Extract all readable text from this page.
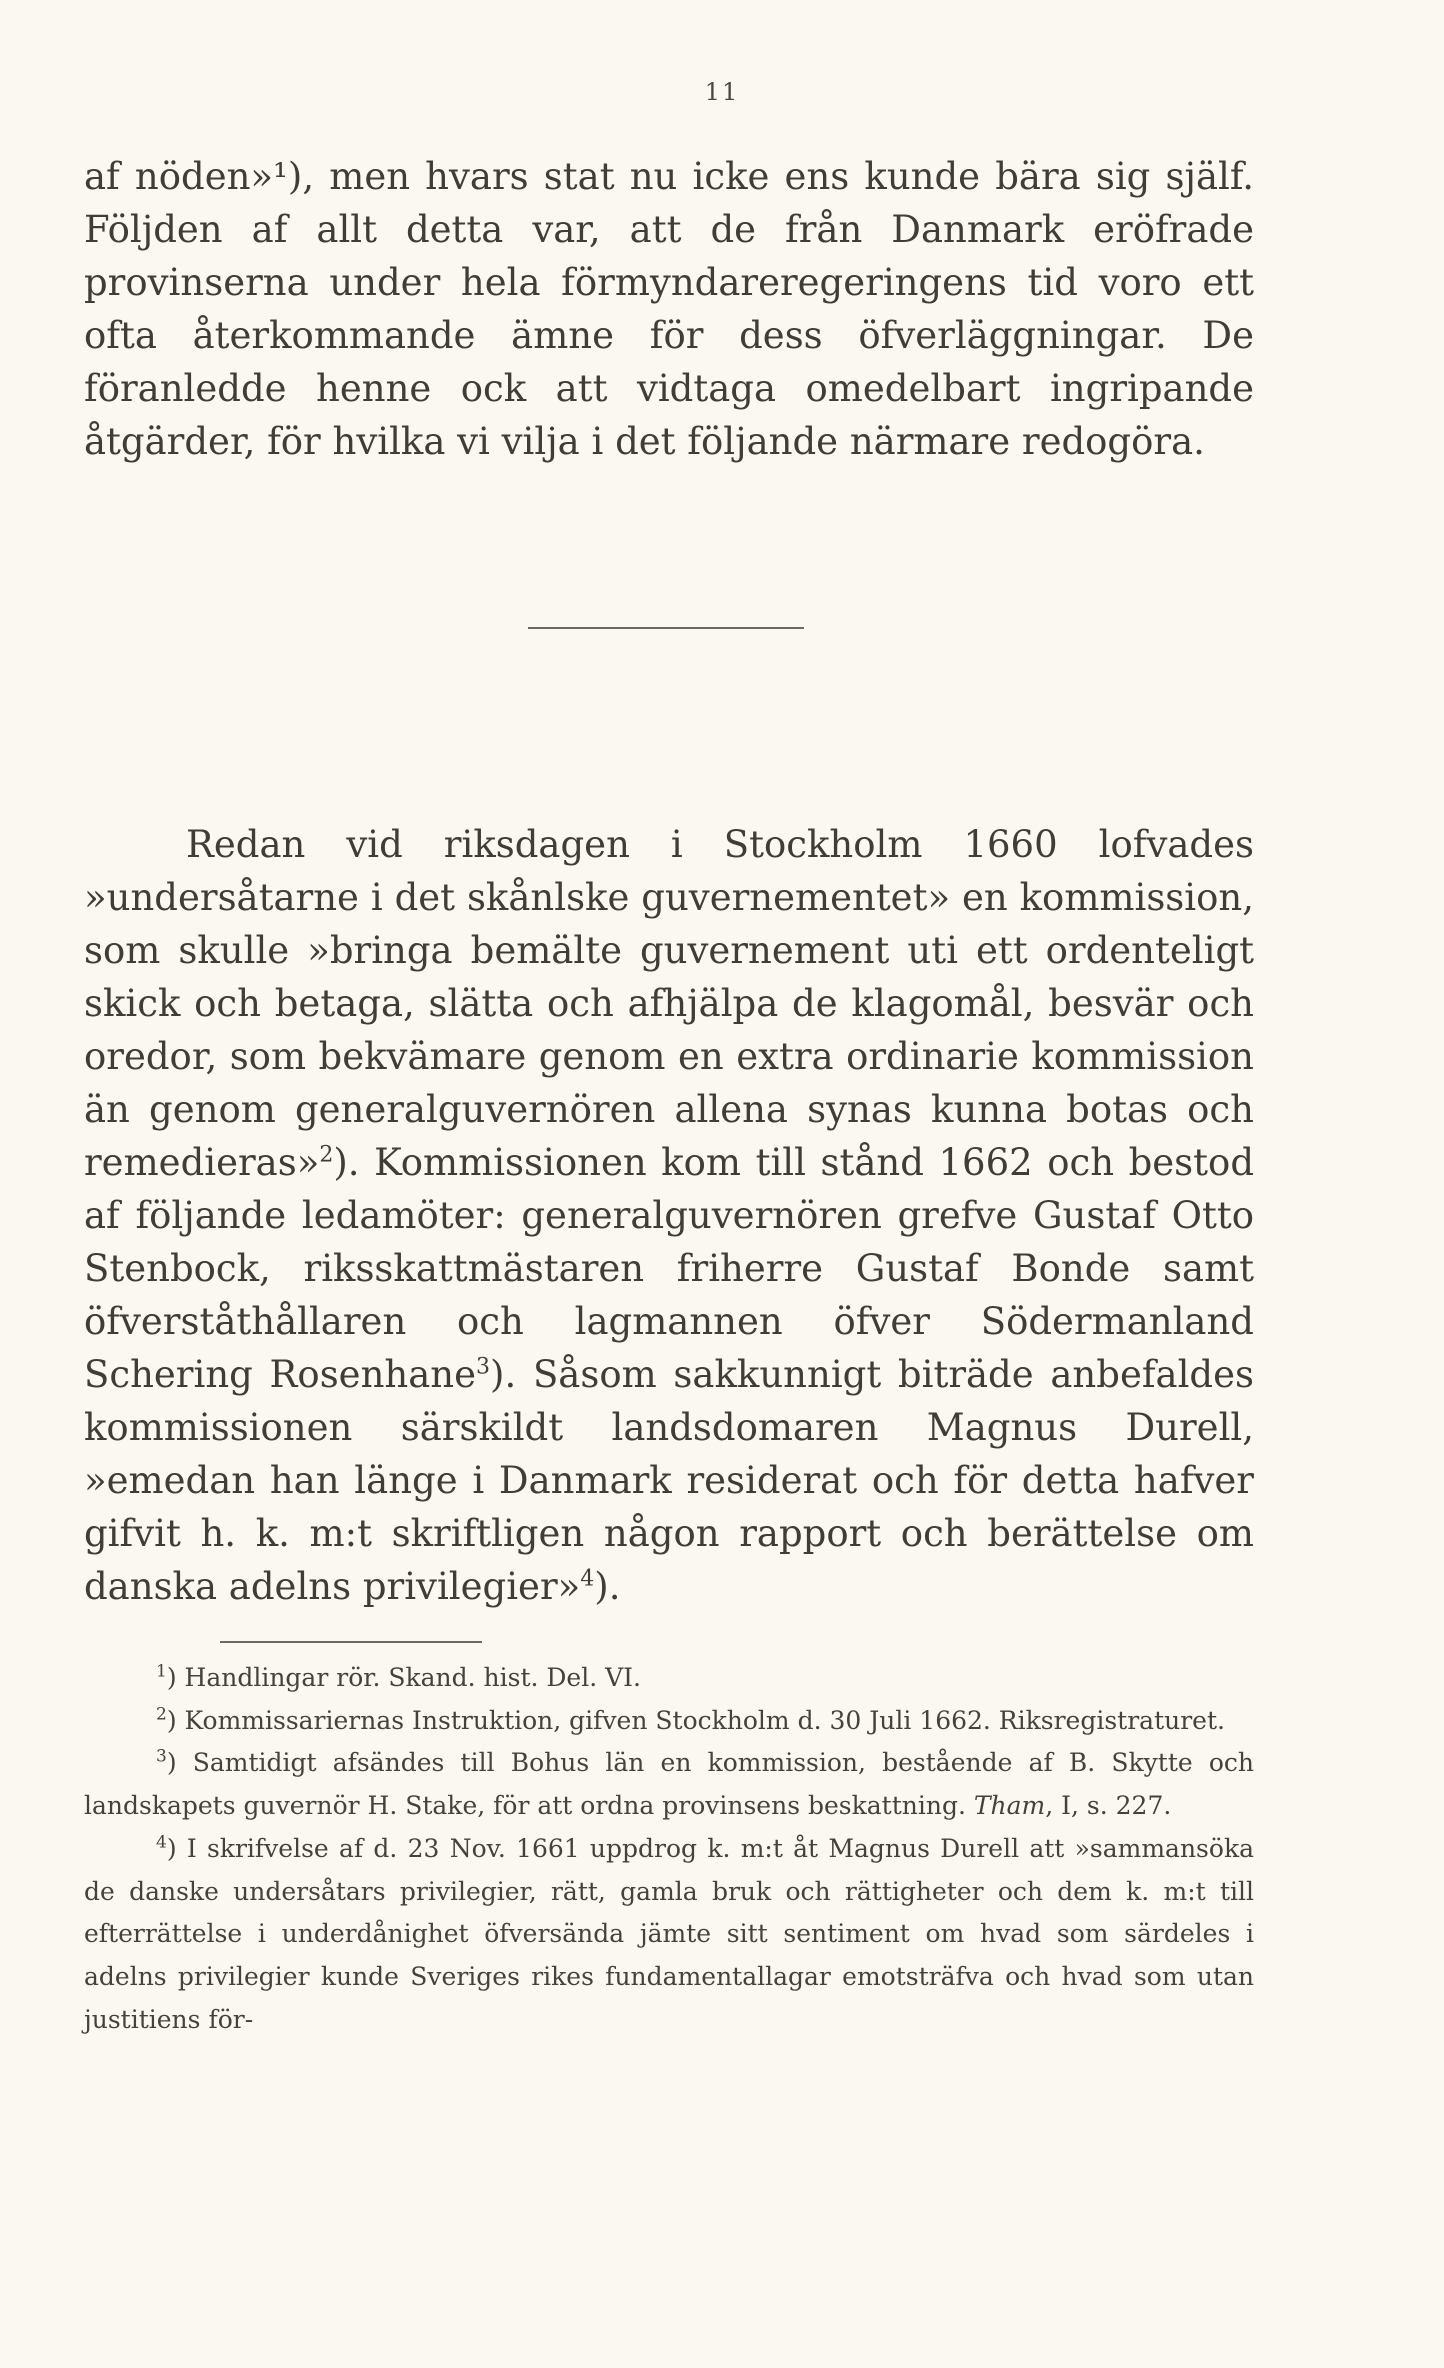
11
af nöden»¹), men hvars stat nu icke ens kunde bära sig själf. Följden af allt detta var, att de från Danmark eröfrade provinserna under hela förmyndareregeringens tid voro ett ofta återkommande ämne för dess öfverläggningar. De föranledde henne ock att vidtaga omedelbart ingripande åtgärder, för hvilka vi vilja i det följande närmare redogöra.
Redan vid riksdagen i Stockholm 1660 lofvades »undersåtarne i det skånlske guvernementet» en kommission, som skulle »bringa bemälte guvernement uti ett ordenteligt skick och betaga, slätta och afhjälpa de klagomål, besvär och oredor, som bekvämare genom en extra ordinarie kommission än genom generalguvernören allena synas kunna botas och remedieras»$^2$). Kommissionen kom till stånd 1662 och bestod af följande ledamöter: generalguvernören grefve Gustaf Otto Stenbock, riksskattmästaren friherre Gustaf Bonde samt öfverståthållaren och lagmannen öfver Södermanland Schering Rosenhane$^3$). Såsom sakkunnigt biträde anbefaldes kommissionen särskildt landsdomaren Magnus Durell, »emedan han länge i Danmark residerat och för detta hafver gifvit h. k. m:t skriftligen någon rapport och berättelse om danska adelns privilegier»$^4$).

$^1$) Handlingar rör. Skand. hist. Del. VI.

$^2$) Kommissariernas Instruktion, gifven Stockholm d. 30 Juli 1662. Riksregistraturet.

$^3$) Samtidigt afsändes till Bohus län en kommission, bestående af B. Skytte och landskapets guvernör H. Stake, för att ordna provinsens beskattning. Tham, I, s. 227.

$^4$) I skrifvelse af d. 23 Nov. 1661 uppdrog k. m:t åt Magnus Durell att »sammansöka de danske undersåtars privilegier, rätt, gamla bruk och rättigheter och dem k. m:t till efterrättelse i underdånighet öfversända jämte sitt sentiment om hvad som särdeles i adelns privilegier kunde Sveriges rikes fundamentallagar emotsträfva och hvad som utan justitiens för-
